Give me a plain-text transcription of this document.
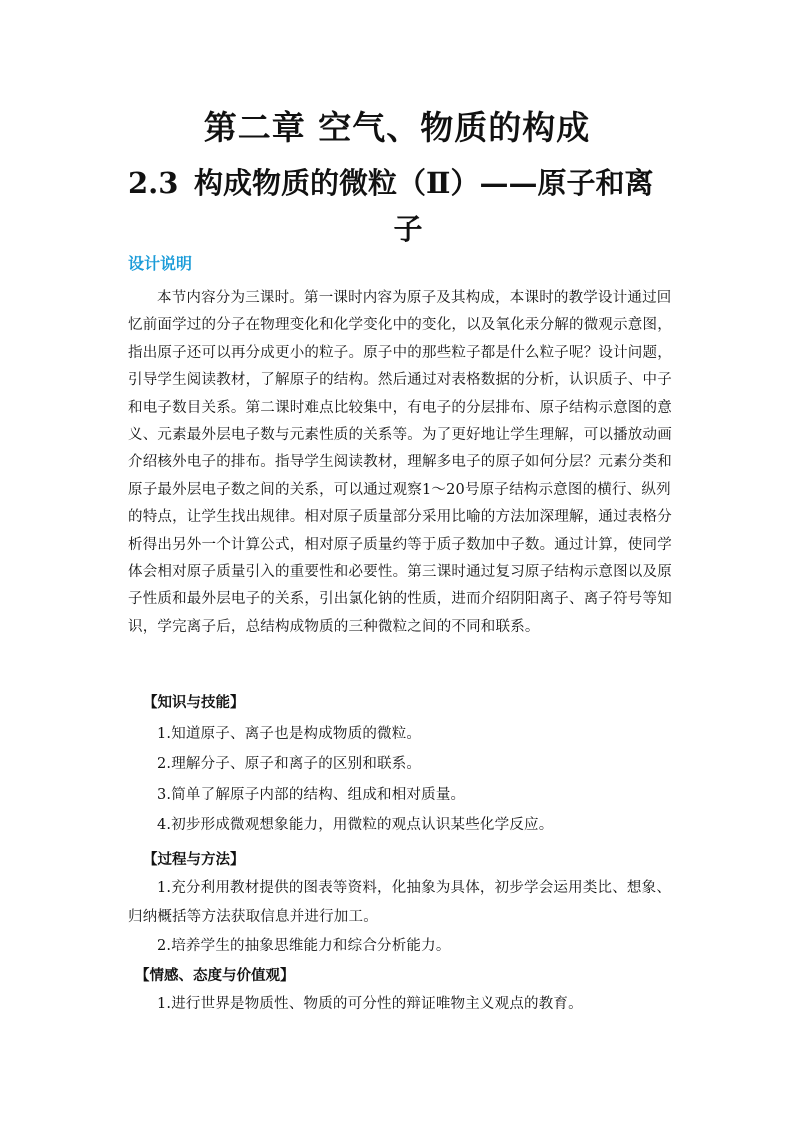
第二章 空气、物质的构成
2.3 构成物质的微粒（Ⅱ）——原子和离
子
设计说明

本节内容分为三课时。第一课时内容为原子及其构成，本课时的教学设计通过回忆前面学过的分子在物理变化和化学变化中的变化，以及氧化汞分解的微观示意图，指出原子还可以再分成更小的粒子。原子中的那些粒子都是什么粒子呢？设计问题，引导学生阅读教材，了解原子的结构。然后通过对表格数据的分析，认识质子、中子和电子数目关系。第二课时难点比较集中，有电子的分层排布、原子结构示意图的意义、元素最外层电子数与元素性质的关系等。为了更好地让学生理解，可以播放动画介绍核外电子的排布。指导学生阅读教材，理解多电子的原子如何分层？元素分类和原子最外层电子数之间的关系，可以通过观察1～20号原子结构示意图的横行、纵列的特点，让学生找出规律。相对原子质量部分采用比喻的方法加深理解，通过表格分析得出另外一个计算公式，相对原子质量约等于质子数加中子数。通过计算，使同学体会相对原子质量引入的重要性和必要性。第三课时通过复习原子结构示意图以及原子性质和最外层电子的关系，引出氯化钠的性质，进而介绍阴阳离子、离子符号等知识，学完离子后，总结构成物质的三种微粒之间的不同和联系。

【知识与技能】

1.知道原子、离子也是构成物质的微粒。

2.理解分子、原子和离子的区别和联系。

3.简单了解原子内部的结构、组成和相对质量。

4.初步形成微观想象能力，用微粒的观点认识某些化学反应。

【过程与方法】

1.充分利用教材提供的图表等资料，化抽象为具体，初步学会运用类比、想象、归纳概括等方法获取信息并进行加工。

2.培养学生的抽象思维能力和综合分析能力。

【情感、态度与价值观】

1.进行世界是物质性、物质的可分性的辩证唯物主义观点的教育。
